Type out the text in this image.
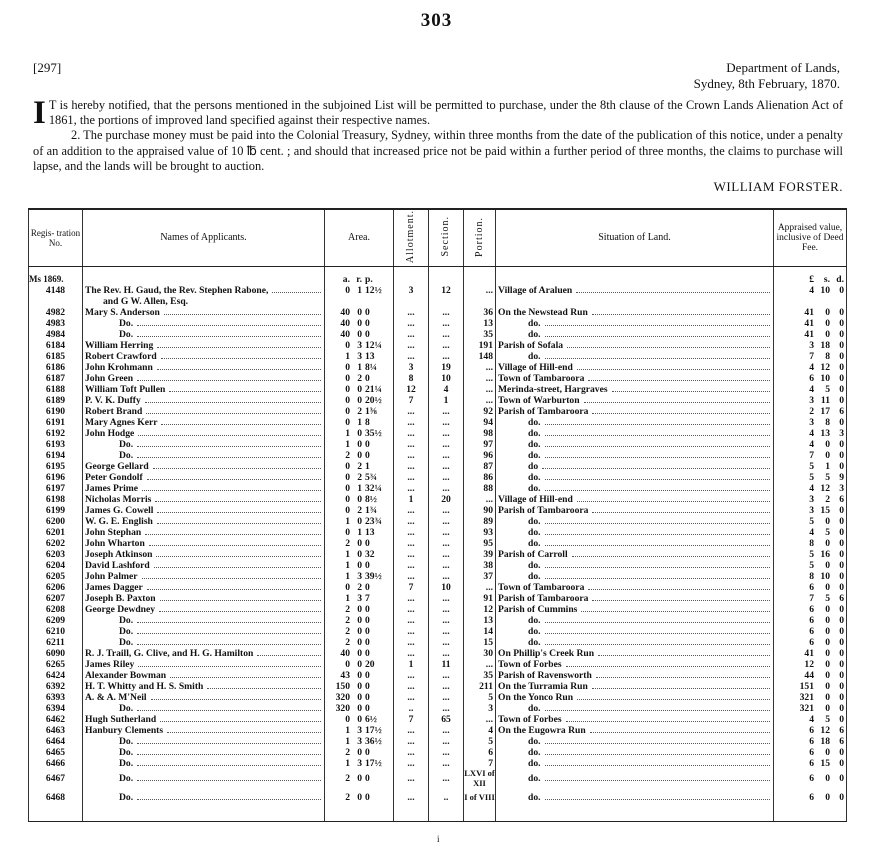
303
[297]	Department of Lands,
Sydney, 8th February, 1870.

I T is hereby notified, that the persons mentioned in the subjoined List will be permitted to purchase, under the 8th clause of the Crown Lands Alienation Act of 1861, the portions of improved land specified against their respective names.

2. The purchase money must be paid into the Colonial Treasury, Sydney, within three months from the date of the publication of this notice, under a penalty of an addition to the appraised value of 10 ℔ cent. ; and should that increased price not be paid within a further period of three months, the claims to purchase will lapse, and the lands will be brought to auction.

WILLIAM FORSTER.
Regis- tration No.	Names of Applicants.	Area.	Allotment.	Section.	Portion.	Situation of Land.	Appraised value, inclusive of Deed Fee.

Ms 1869.		a. r. p.					£ s. d.

4148	The Rev. H. Gaud, the Rev. Stephen Rabone,	0 1 12½	3	12	...	Village of Araluen	4 10 0

	and G W. Allen, Esq.						

4982	Mary S. Anderson	40 0 0	...	...	36	On the Newstead Run	41 0 0

4983	Do.	40 0 0	...	...	13	do.	41 0 0

4984	Do.	40 0 0	...	...	35	do.	41 0 0

6184	William Herring	0 3 12¼	...	...	191	Parish of Sofala	3 18 0

6185	Robert Crawford	1 3 13	...	...	148	do.	7 8 0

6186	John Krohmann	0 1 8¼	3	19	...	Village of Hill-end	4 12 0

6187	John Green	0 2 0	8	10	...	Town of Tambaroora	6 10 0

6188	William Toft Pullen	0 0 21¼	12	4	...	Merinda-street, Hargraves	4 5 0

6189	P. V. K. Duffy	0 0 20½	7	1	...	Town of Warburton	3 11 0

6190	Robert Brand	0 2 1⅜	...	...	92	Parish of Tambaroora	2 17 6

6191	Mary Agnes Kerr	0 1 8	...	...	94	do.	3 8 0

6192	John Hodge	1 0 35½	...	...	98	do.	4 13 3

6193	Do.	1 0 0	...	...	97	do.	4 0 0

6194	Do.	2 0 0	...	...	96	do.	7 0 0

6195	George Gellard	0 2 1	...	...	87	do	5 1 0

6196	Peter Gondolf	0 2 5¾	...	...	86	do.	5 5 9

6197	James Prime	0 1 32¼	...	...	88	do.	4 12 3

6198	Nicholas Morris	0 0 8½	1	20	...	Village of Hill-end	3 2 6

6199	James G. Cowell	0 2 1¾	...	...	90	Parish of Tambaroora	3 15 0

6200	W. G. E. English	1 0 23¾	...	...	89	do.	5 0 0

6201	John Stephan	0 1 13	...	...	93	do.	4 5 0

6202	John Wharton	2 0 0	...	...	95	do.	8 0 0

6203	Joseph Atkinson	1 0 32	...	...	39	Parish of Carroll	5 16 0

6204	David Lashford	1 0 0	...	...	38	do.	5 0 0

6205	John Palmer	1 3 39½	...	...	37	do.	8 10 0

6206	James Dagger	0 2 0	7	10	...	Town of Tambaroora	6 0 0

6207	Joseph B. Paxton	1 3 7	...	...	91	Parish of Tambaroora	7 5 6

6208	George Dewdney	2 0 0	...	...	12	Parish of Cummins	6 0 0

6209	Do.	2 0 0	...	...	13	do.	6 0 0

6210	Do.	2 0 0	...	...	14	do.	6 0 0

6211	Do.	2 0 0	...	...	15	do.	6 0 0

6090	R. J. Traill, G. Clive, and H. G. Hamilton	40 0 0	...	...	30	On Phillip's Creek Run	41 0 0

6265	James Riley	0 0 20	1	11	...	Town of Forbes	12 0 0

6424	Alexander Bowman	43 0 0	...	...	35	Parish of Ravensworth	44 0 0

6392	H. T. Whitty and H. S. Smith	150 0 0	...	...	211	On the Turramia Run	151 0 0

6393	A. & A. M'Neil	320 0 0	...	...	5	On the Yonco Run	321 0 0

6394	Do.	320 0 0	..	...	3	do.	321 0 0

6462	Hugh Sutherland	0 0 6½	7	65	...	Town of Forbes	4 5 0

6463	Hanbury Clements	1 3 17½	...	...	4	On the Eugowra Run	6 12 6

6464	Do.	1 3 36½	...	...	5	do.	6 18 6

6465	Do.	2 0 0	...	...	6	do.	6 0 0

6466	Do.	1 3 17½	...	...	7	do.	6 15 0

6467	Do.	2 0 0	...	...	LXVI of XII	do.	6 0 0

6468	Do.	2 0 0	...	..	I of VIII	do.	6 0 0

i
